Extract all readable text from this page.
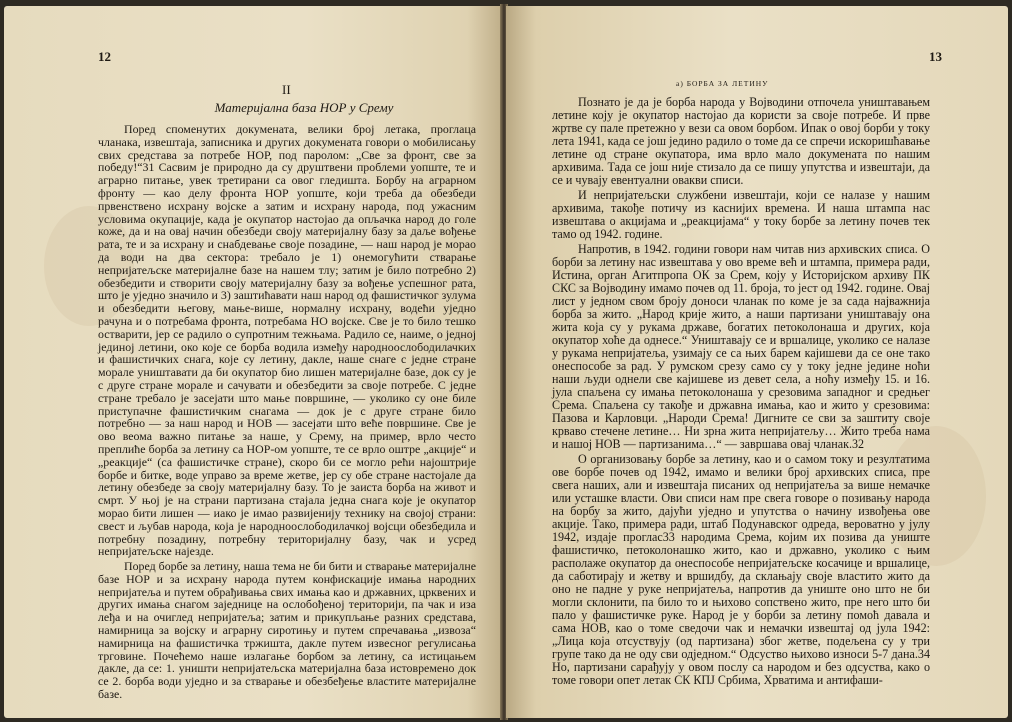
12
II
Материјална база НОР у Срему

Поред споменутих докумената, велики број летака, проглаца чланака, извештаја, записника и других докумената говори о мобилисању свих средстава за потребе НОР, под паролом: „Све за фронт, све за победу!“31 Сасвим је природно да су друштвени проблеми уопште, те и аграрно питање, увек третирани са овог гледишта. Борбу на аграрном фронту — као делу фронта НОР уопште, који треба да обезбеди првенствено исхрану војске а затим и исхрану народа, под ужасним условима окупације, када је окупатор настојао да опљачка народ до голе коже, да и на овај начин обезбеди своју материјалну базу за даље вођење рата, те и за исхрану и снабдевање своје позадине, — наш народ је морао да води на два сектора: требало је 1) онемогућити стварање непријатељске материјалне базе на нашем тлу; затим је било потребно 2) обезбедити и створити своју материјалну базу за вођење успешног рата, што је уједно значило и 3) заштићавати наш народ од фашистичког зулума и обезбедити његову, мање-више, нормалну исхрану, водећи уједно рачуна и о потребама фронта, потребама НО војске. Све је то било тешко остварити, јер се радило о супротним тежњама. Радило се, наиме, о једној јединој летини, око које се борба водила између народноослободилачких и фашистичких снага, које су летину, дакле, наше снаге с једне стране морале уништавати да би окупатор био лишен материјалне базе, док су је с друге стране морале и сачувати и обезбедити за своје потребе. С једне стране требало је засејати што мање површине, — уколико су оне биле приступачне фашистичким снагама — док је с друге стране било потребно — за наш народ и НОВ — засејати што веће површине. Све је ово веома важно питање за наше, у Срему, на пример, врло често преплиће борба за летину са НОР-ом уопште, те се врло оштре „акције“ и „реакције“ (са фашистичке стране), скоро би се могло рећи најоштрије борбе и битке, воде управо за време жетве, јер су обе стране настојале да летину обезбеде за своју материјалну базу. То је заиста борба на живот и смрт. У њој је на страни партизана стајала једна снага које је окупатор морао бити лишен — иако је имао развијенију технику на својој страни: свест и љубав народа, која је народноослободилачкој војсци обезбедила и потребну позадину, потребну територијалну базу, чак и усред непријатељске најезде.

Поред борбе за летину, наша тема не би бити и стварање материјалне базе НОР и за исхрану народа путем конфискације имања народних непријатеља и путем обрађивања свих имања као и државних, црквених и других имања снагом заједнице на ослобођеној територији, па чак и иза леђа и на очиглед непријатеља; затим и прикупљање разних средстава, намирница за војску и аграрну сиротињу и путем спречавања „извоза“ намирница на фашистичка тржишта, дакле путем извесног регулисања трговине. Почећемо наше излагање борбом за летину, са истицањем дакле, да се: 1. уништи непријатељска материјална база истовремено док се 2. борба води уједно и за стварање и обезбеђење властите материјалне базе.

13
а) БОРБА ЗА ЛЕТИНУ

Познато је да је борба народа у Војводини отпочела уништавањем летине коју је окупатор настојао да користи за своје потребе. И прве жртве су пале претежно у вези са овом борбом. Ипак о овој борби у току лета 1941, када се још једино радило о томе да се спречи искоришћавање летине од стране окупатора, има врло мало докумената по нашим архивима. Тада се још није стизало да се пишу упутства и извештаји, да се и чувају евентуални овакви списи.

И непријатељски службени извештаји, који се налазе у нашим архивима, такође потичу из каснијих времена. И наша штампа нас извештава о акцијама и „реакцијама“ у току борбе за летину почев тек тамо од 1942. године.

Напротив, в 1942. години говори нам читав низ архивских списа. О борби за летину нас извештава у ово време већ и штампа, примера ради, Истина, орган Агитпропа ОК за Срем, коју у Историјском архиву ПК СКС за Војводину имамо почев од 11. броја, то јест од 1942. године. Овај лист у једном свом броју доноси чланак по коме је за сада најважнија борба за жито. „Народ крије жито, а наши партизани уништавају она жита која су у рукама државе, богатих петоколонаша и других, која окупатор хоће да однесе.“ Уништавају се и вршалице, уколико се налазе у рукама непријатеља, узимају се са њих барем кајишеви да се оне тако онеспособе за рад. У румском срезу само су у току једне једине ноћи наши људи однели све кајишеве из девет села, а ноћу између 15. и 16. јула спаљена су имања петоколонаша у срезовима западног и средњег Срема. Спаљена су такође и државна имања, као и жито у срезовима: Пазова и Карловци. „Народи Срема! Дигните се сви за заштиту своје крваво стечене летине… Ни зрна жита непријатељу… Жито треба нама и нашој НОВ — партизанима…“ — завршава овај чланак.32

О организовању борбе за летину, као и о самом току и резултатима ове борбе почев од 1942, имамо и велики број архивских списа, пре свега наших, али и извештаја писаних од непријатеља за више немачке или усташке власти. Ови списи нам пре свега говоре о позивању народа на борбу за жито, дајући уједно и упутства о начину извођења ове акције. Тако, примера ради, штаб Подунавског одреда, вероватно у јулу 1942, издаје проглас33 народима Срема, којим их позива да униште фашистичко, петоколонашко жито, као и државно, уколико с њим располаже окупатор да онеспособе непријатељске косачице и вршалице, да саботирају и жетву и вршидбу, да склањају своје властито жито да оно не падне у руке непријатеља, напротив да униште оно што не би могли склонити, па било то и њихово сопствено жито, пре него што би пало у фашистичке руке. Народ је у борби за летину помоћ давала и сама НОВ, као о томе сведочи чак и немачки извештај од јула 1942: „Лица која отсуствују (од партизана) због жетве, подељена су у три групе тако да не оду сви одједном.“ Одсуство њихово износи 5-7 дана.34 Но, партизани сарађују у овом послу са народом и без одсуства, како о томе говори опет летак СК КПЈ Србима, Хрватима и антифаши-
